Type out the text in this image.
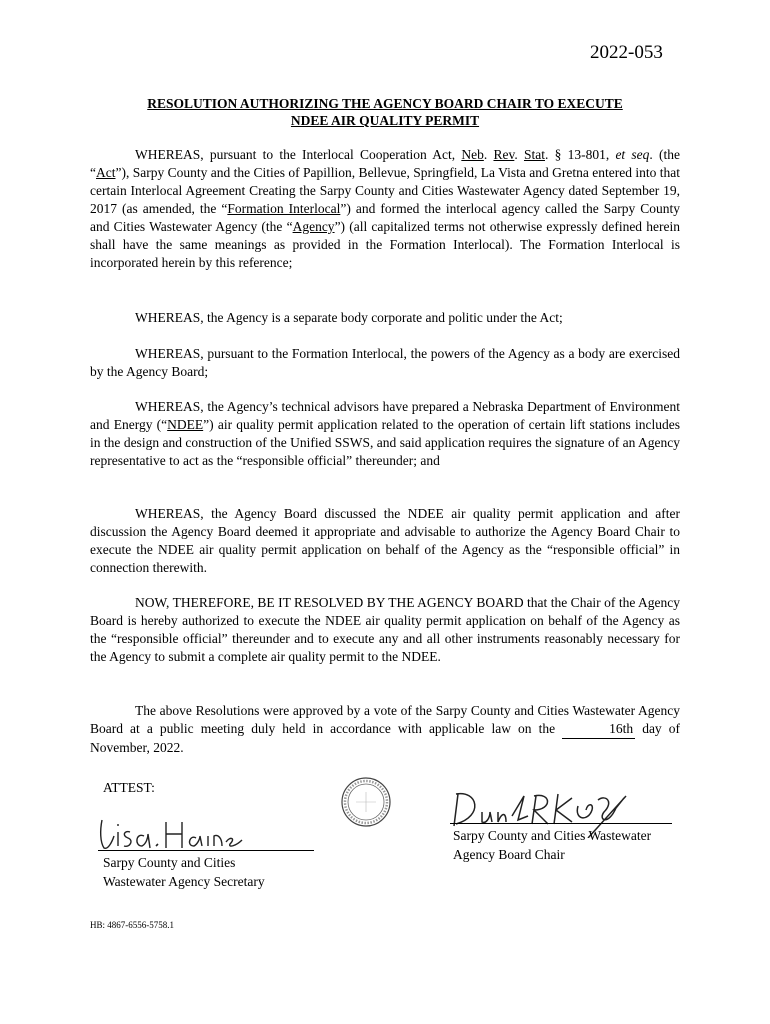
2022-053
RESOLUTION AUTHORIZING THE AGENCY BOARD CHAIR TO EXECUTE
NDEE AIR QUALITY PERMIT

WHEREAS, pursuant to the Interlocal Cooperation Act, Neb. Rev. Stat. § 13-801, et seq. (the “Act”), Sarpy County and the Cities of Papillion, Bellevue, Springfield, La Vista and Gretna entered into that certain Interlocal Agreement Creating the Sarpy County and Cities Wastewater Agency dated September 19, 2017 (as amended, the “Formation Interlocal”) and formed the interlocal agency called the Sarpy County and Cities Wastewater Agency (the “Agency”) (all capitalized terms not otherwise expressly defined herein shall have the same meanings as provided in the Formation Interlocal). The Formation Interlocal is incorporated herein by this reference;

WHEREAS, the Agency is a separate body corporate and politic under the Act;

WHEREAS, pursuant to the Formation Interlocal, the powers of the Agency as a body are exercised by the Agency Board;

WHEREAS, the Agency’s technical advisors have prepared a Nebraska Department of Environment and Energy (“NDEE”) air quality permit application related to the operation of certain lift stations includes in the design and construction of the Unified SSWS, and said application requires the signature of an Agency representative to act as the “responsible official” thereunder; and

WHEREAS, the Agency Board discussed the NDEE air quality permit application and after discussion the Agency Board deemed it appropriate and advisable to authorize the Agency Board Chair to execute the NDEE air quality permit application on behalf of the Agency as the “responsible official” in connection therewith.

NOW, THEREFORE, BE IT RESOLVED BY THE AGENCY BOARD that the Chair of the Agency Board is hereby authorized to execute the NDEE air quality permit application on behalf of the Agency as the “responsible official” thereunder and to execute any and all other instruments reasonably necessary for the Agency to submit a complete air quality permit to the NDEE.

The above Resolutions were approved by a vote of the Sarpy County and Cities Wastewater Agency Board at a public meeting duly held in accordance with applicable law on the	16th day of November, 2022.

ATTEST:
Sarpy County and Cities
Wastewater Agency Secretary
Sarpy County and Cities Wastewater
Agency Board Chair
HB: 4867-6556-5758.1
